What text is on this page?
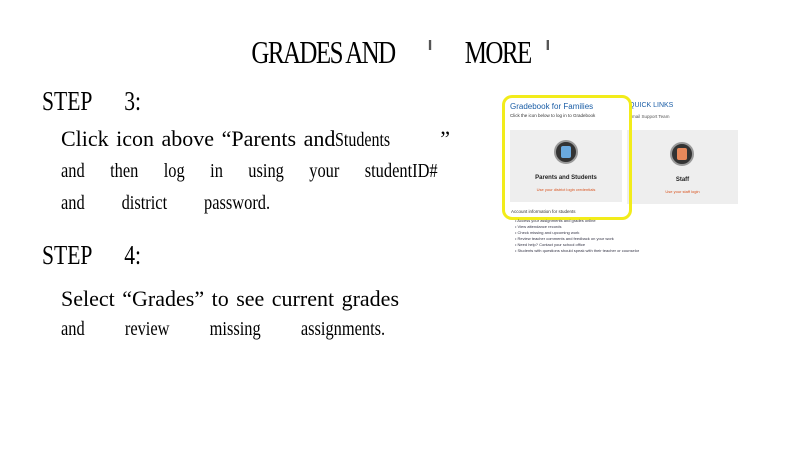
GRADES AND MORE
STEP 3:
Click icon above “Parents andStudents ”
and then log in using your studentID#
and district password.
STEP 4:
Select “Grades” to see current grades
and review missing assignments.
Gradebook for Families
Click the icon below to log in to Gradebook
QUICK LINKS
Email Support Team
Parents and Students
Use your district login credentials
Staff
Use your staff login
Account information for students
• Access your assignments and grades online
• View attendance records
• Check missing and upcoming work
• Review teacher comments and feedback on your work
• Need help? Contact your school office
• Students with questions should speak with their teacher or counselor
